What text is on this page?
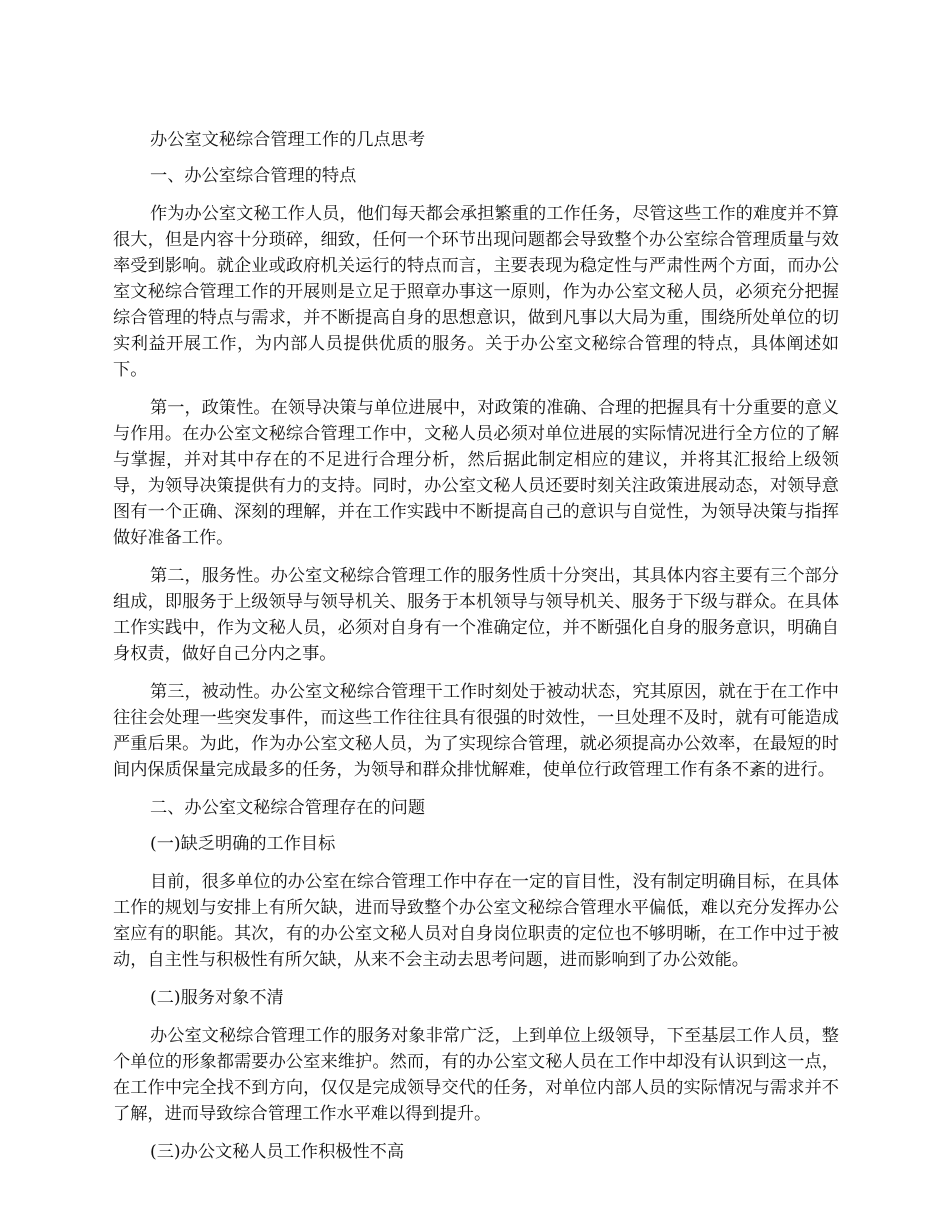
办公室文秘综合管理工作的几点思考

一、办公室综合管理的特点

作为办公室文秘工作人员，他们每天都会承担繁重的工作任务，尽管这些工作的难度并不算很大，但是内容十分琐碎，细致，任何一个环节出现问题都会导致整个办公室综合管理质量与效率受到影响。就企业或政府机关运行的特点而言，主要表现为稳定性与严肃性两个方面，而办公室文秘综合管理工作的开展则是立足于照章办事这一原则，作为办公室文秘人员，必须充分把握综合管理的特点与需求，并不断提高自身的思想意识，做到凡事以大局为重，围绕所处单位的切实利益开展工作，为内部人员提供优质的服务。关于办公室文秘综合管理的特点，具体阐述如下。

第一，政策性。在领导决策与单位进展中，对政策的准确、合理的把握具有十分重要的意义与作用。在办公室文秘综合管理工作中，文秘人员必须对单位进展的实际情况进行全方位的了解与掌握，并对其中存在的不足进行合理分析，然后据此制定相应的建议，并将其汇报给上级领导，为领导决策提供有力的支持。同时，办公室文秘人员还要时刻关注政策进展动态，对领导意图有一个正确、深刻的理解，并在工作实践中不断提高自己的意识与自觉性，为领导决策与指挥做好准备工作。

第二，服务性。办公室文秘综合管理工作的服务性质十分突出，其具体内容主要有三个部分组成，即服务于上级领导与领导机关、服务于本机领导与领导机关、服务于下级与群众。在具体工作实践中，作为文秘人员，必须对自身有一个准确定位，并不断强化自身的服务意识，明确自身权责，做好自己分内之事。

第三，被动性。办公室文秘综合管理干工作时刻处于被动状态，究其原因，就在于在工作中往往会处理一些突发事件，而这些工作往往具有很强的时效性，一旦处理不及时，就有可能造成严重后果。为此，作为办公室文秘人员，为了实现综合管理，就必须提高办公效率，在最短的时间内保质保量完成最多的任务，为领导和群众排忧解难，使单位行政管理工作有条不紊的进行。

二、办公室文秘综合管理存在的问题

(一)缺乏明确的工作目标

目前，很多单位的办公室在综合管理工作中存在一定的盲目性，没有制定明确目标，在具体工作的规划与安排上有所欠缺，进而导致整个办公室文秘综合管理水平偏低，难以充分发挥办公室应有的职能。其次，有的办公室文秘人员对自身岗位职责的定位也不够明晰，在工作中过于被动，自主性与积极性有所欠缺，从来不会主动去思考问题，进而影响到了办公效能。

(二)服务对象不清

办公室文秘综合管理工作的服务对象非常广泛，上到单位上级领导，下至基层工作人员，整个单位的形象都需要办公室来维护。然而，有的办公室文秘人员在工作中却没有认识到这一点，在工作中完全找不到方向，仅仅是完成领导交代的任务，对单位内部人员的实际情况与需求并不了解，进而导致综合管理工作水平难以得到提升。

(三)办公文秘人员工作积极性不高
